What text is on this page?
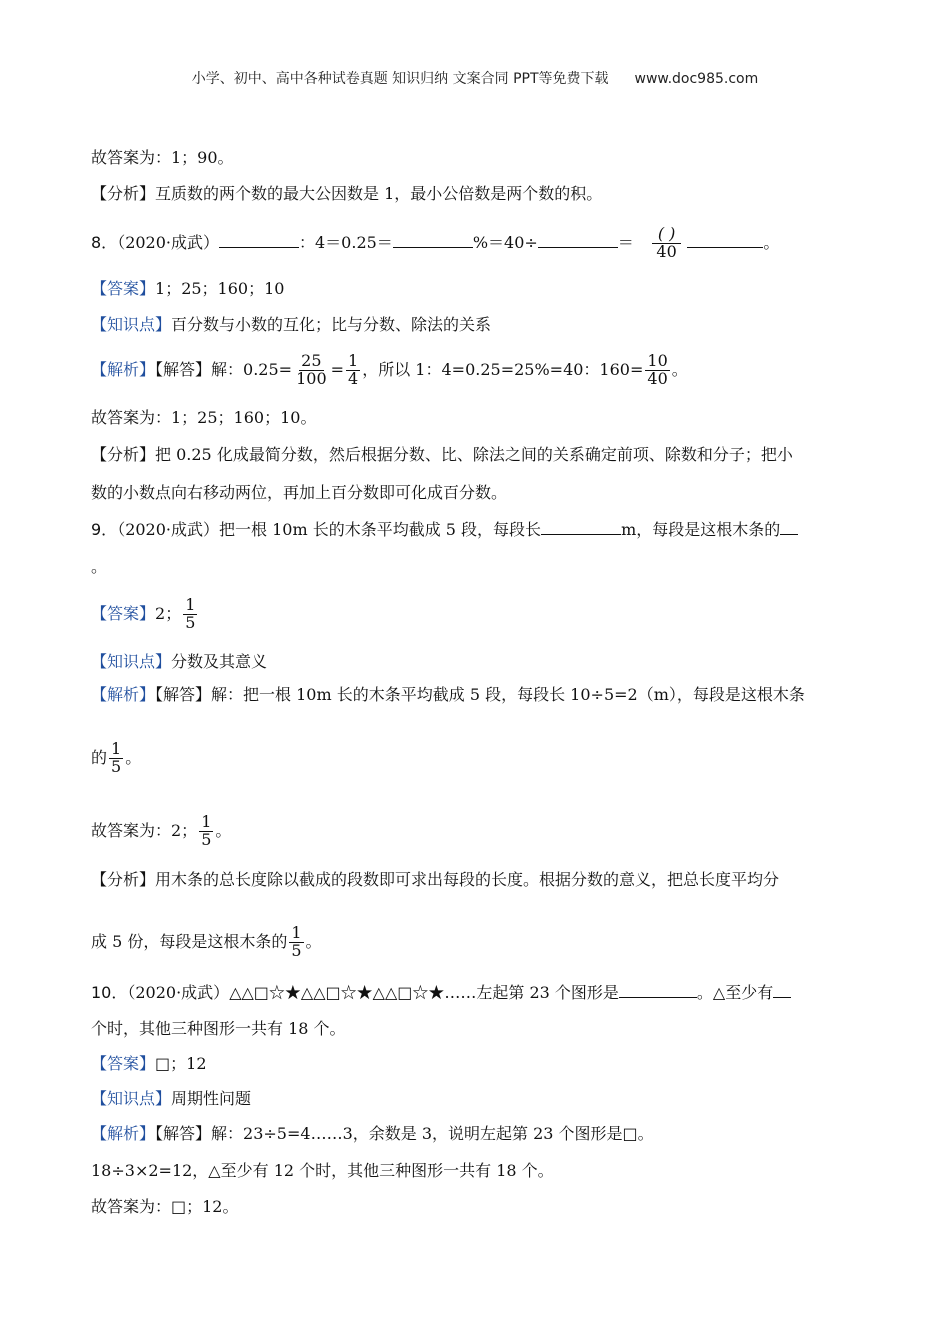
小学、初中、高中各种试卷真题 知识归纳 文案合同 PPT等免费下载 www.doc985.com
故答案为：1；90。
【分析】互质数的两个数的最大公因数是 1，最小公倍数是两个数的积。
8．（2020·成武）	：4＝0.25＝	%＝40÷	＝ $\frac{( )}{40}$	。
【答案】1；25；160；10
【知识点】百分数与小数的互化；比与分数、除法的关系
【解析】【解答】解：$0.25= \frac{25}{100} = \frac{1}{4}$ ，所以 1：4=0.25=25%=40：$160= \frac{10}{40}$ 。
故答案为：1；25；160；10。
【分析】把 0.25 化成最简分数，然后根据分数、比、除法之间的关系确定前项、除数和分子；把小
数的小数点向右移动两位，再加上百分数即可化成百分数。
9．（2020·成武）把一根 10m 长的木条平均截成 5 段，每段长	m，每段是这根木条的
。
【答案】2； $\frac{1}{5}$
【知识点】分数及其意义
【解析】【解答】解：把一根 10m 长的木条平均截成 5 段，每段长 10÷5=2（m），每段是这根木条
的 $\frac{1}{5}$ 。
故答案为：2； $\frac{1}{5}$ 。
【分析】用木条的总长度除以截成的段数即可求出每段的长度。根据分数的意义，把总长度平均分
成 5 份，每段是这根木条的 $\frac{1}{5}$ 。
10．（2020·成武）△△□☆★△△□☆★△△□☆★……左起第 23 个图形是	。△至少有
个时，其他三种图形一共有 18 个。
【答案】□；12
【知识点】周期性问题
【解析】【解答】解：23÷5=4……3，余数是 3，说明左起第 23 个图形是□。
18÷3×2=12，△至少有 12 个时，其他三种图形一共有 18 个。
故答案为：□；12。
